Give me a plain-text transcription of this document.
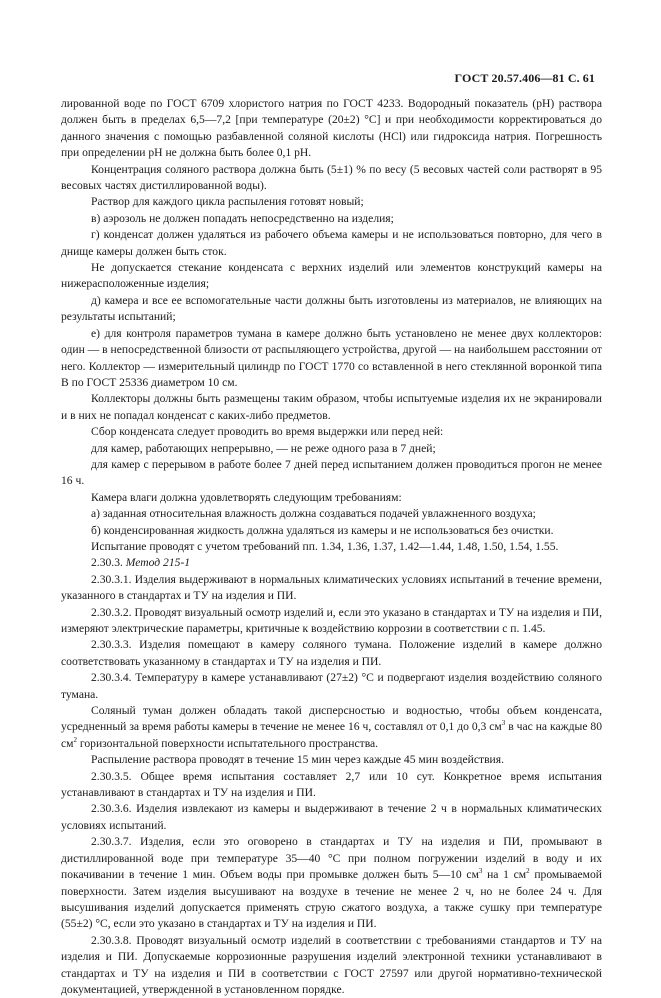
ГОСТ 20.57.406—81 С. 61

лированной воде по ГОСТ 6709 хлористого натрия по ГОСТ 4233. Водородный показатель (pH) раствора должен быть в пределах 6,5—7,2 [при температуре (20±2) °C] и при необходимости корректироваться до данного значения с помощью разбавленной соляной кислоты (HCl) или гидроксида натрия. Погрешность при определении pH не должна быть более 0,1 pH.

Концентрация соляного раствора должна быть (5±1) % по весу (5 весовых частей соли растворят в 95 весовых частях дистиллированной воды).

Раствор для каждого цикла распыления готовят новый;

в) аэрозоль не должен попадать непосредственно на изделия;

г) конденсат должен удаляться из рабочего объема камеры и не использоваться повторно, для чего в днище камеры должен быть сток.

Не допускается стекание конденсата с верхних изделий или элементов конструкций камеры на нижерасположенные изделия;

д) камера и все ее вспомогательные части должны быть изготовлены из материалов, не влияющих на результаты испытаний;

е) для контроля параметров тумана в камере должно быть установлено не менее двух коллекторов: один — в непосредственной близости от распыляющего устройства, другой — на наибольшем расстоянии от него. Коллектор — измерительный цилиндр по ГОСТ 1770 со вставленной в него стеклянной воронкой типа В по ГОСТ 25336 диаметром 10 см.

Коллекторы должны быть размещены таким образом, чтобы испытуемые изделия их не экранировали и в них не попадал конденсат с каких-либо предметов.

Сбор конденсата следует проводить во время выдержки или перед ней:

для камер, работающих непрерывно, — не реже одного раза в 7 дней;

для камер с перерывом в работе более 7 дней перед испытанием должен проводиться прогон не менее 16 ч.

Камера влаги должна удовлетворять следующим требованиям:

а) заданная относительная влажность должна создаваться подачей увлажненного воздуха;

б) конденсированная жидкость должна удаляться из камеры и не использоваться без очистки.

Испытание проводят с учетом требований пп. 1.34, 1.36, 1.37, 1.42—1.44, 1.48, 1.50, 1.54, 1.55.

2.30.3. Метод 215-1

2.30.3.1. Изделия выдерживают в нормальных климатических условиях испытаний в течение времени, указанного в стандартах и ТУ на изделия и ПИ.

2.30.3.2. Проводят визуальный осмотр изделий и, если это указано в стандартах и ТУ на изделия и ПИ, измеряют электрические параметры, критичные к воздействию коррозии в соответствии с п. 1.45.

2.30.3.3. Изделия помещают в камеру соляного тумана. Положение изделий в камере должно соответствовать указанному в стандартах и ТУ на изделия и ПИ.

2.30.3.4. Температуру в камере устанавливают (27±2) °C и подвергают изделия воздействию соляного тумана.

Соляный туман должен обладать такой дисперсностью и водностью, чтобы объем конденсата, усредненный за время работы камеры в течение не менее 16 ч, составлял от 0,1 до 0,3 $см^3$ в час на каждые 80 $см^2$ горизонтальной поверхности испытательного пространства.

Распыление раствора проводят в течение 15 мин через каждые 45 мин воздействия.

2.30.3.5. Общее время испытания составляет 2,7 или 10 сут. Конкретное время испытания устанавливают в стандартах и ТУ на изделия и ПИ.

2.30.3.6. Изделия извлекают из камеры и выдерживают в течение 2 ч в нормальных климатических условиях испытаний.

2.30.3.7. Изделия, если это оговорено в стандартах и ТУ на изделия и ПИ, промывают в дистиллированной воде при температуре 35—40 °C при полном погружении изделий в воду и их покачивании в течение 1 мин. Объем воды при промывке должен быть 5—10 $см^3$ на 1 $см^2$ промываемой поверхности. Затем изделия высушивают на воздухе в течение не менее 2 ч, но не более 24 ч. Для высушивания изделий допускается применять струю сжатого воздуха, а также сушку при температуре (55±2) °C, если это указано в стандартах и ТУ на изделия и ПИ.

2.30.3.8. Проводят визуальный осмотр изделий в соответствии с требованиями стандартов и ТУ на изделия и ПИ. Допускаемые коррозионные разрушения изделий электронной техники устанавливают в стандартах и ТУ на изделия и ПИ в соответствии с ГОСТ 27597 или другой нормативно-технической документацией, утвержденной в установленном порядке.
